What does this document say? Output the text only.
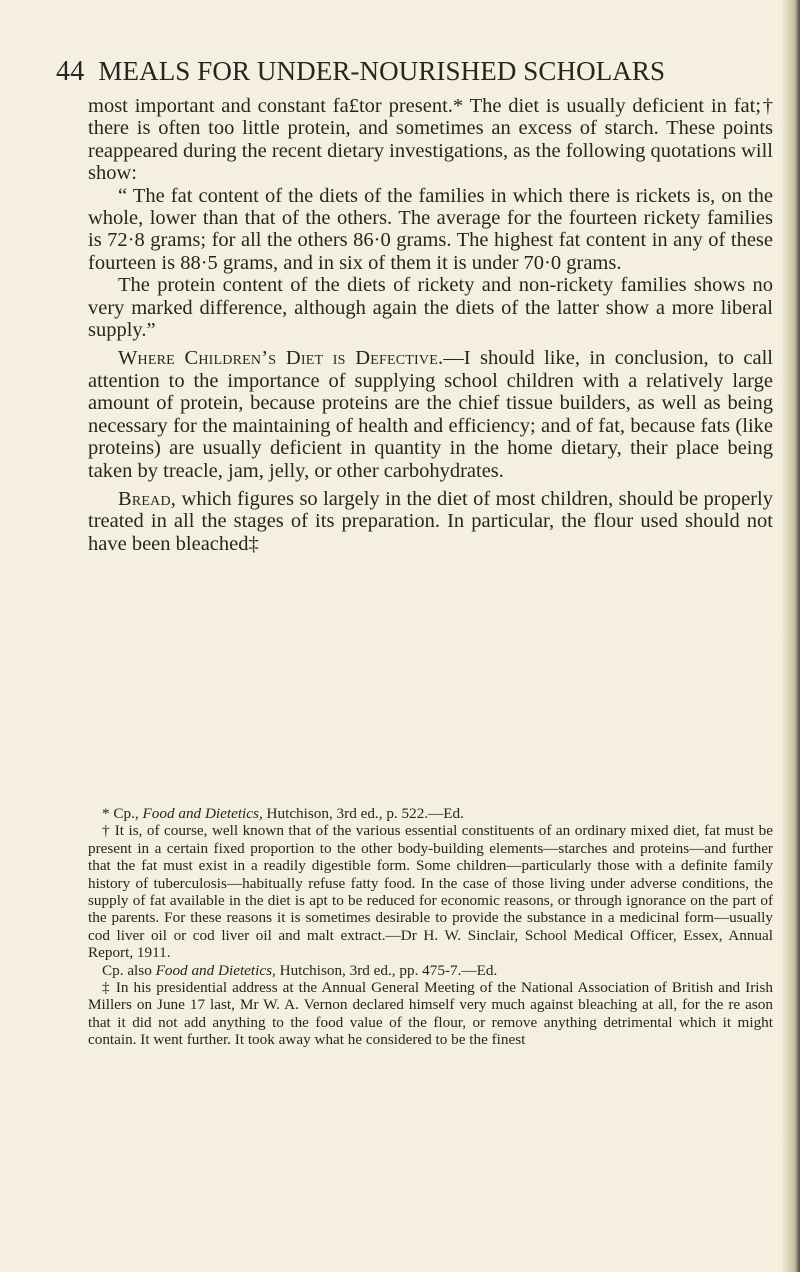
44 MEALS FOR UNDER-NOURISHED SCHOLARS

most important and constant fa£tor present.* The diet is usually deficient in fat;† there is often too little protein, and sometimes an excess of starch. These points reappeared during the recent dietary investigations, as the following quotations will show:

“ The fat content of the diets of the families in which there is rickets is, on the whole, lower than that of the others. The average for the fourteen rickety families is 72·8 grams; for all the others 86·0 grams. The highest fat content in any of these fourteen is 88·5 grams, and in six of them it is under 70·0 grams.

The protein content of the diets of rickety and non-rickety families shows no very marked difference, although again the diets of the latter show a more liberal supply.”

Where Children’s Diet is Defective.—I should like, in conclusion, to call attention to the importance of supplying school children with a relatively large amount of protein, because proteins are the chief tissue builders, as well as being necessary for the maintaining of health and efficiency; and of fat, because fats (like proteins) are usually deficient in quantity in the home dietary, their place being taken by treacle, jam, jelly, or other carbohydrates.

Bread, which figures so largely in the diet of most children, should be properly treated in all the stages of its preparation. In particular, the flour used should not have been bleached‡

* Cp., Food and Dietetics, Hutchison, 3rd ed., p. 522.—Ed.

† It is, of course, well known that of the various essential constituents of an ordinary mixed diet, fat must be present in a certain fixed proportion to the other body-building elements—starches and proteins—and further that the fat must exist in a readily digestible form. Some children—particularly those with a definite family history of tuberculosis—habitually refuse fatty food. In the case of those living under adverse conditions, the supply of fat available in the diet is apt to be reduced for economic reasons, or through ignorance on the part of the parents. For these reasons it is sometimes desirable to provide the substance in a medicinal form—usually cod liver oil or cod liver oil and malt extract.—Dr H. W. Sinclair, School Medical Officer, Essex, Annual Report, 1911.

Cp. also Food and Dietetics, Hutchison, 3rd ed., pp. 475-7.—Ed.

‡ In his presidential address at the Annual General Meeting of the National Association of British and Irish Millers on June 17 last, Mr W. A. Vernon declared himself very much against bleaching at all, for the re ason that it did not add anything to the food value of the flour, or remove anything detrimental which it might contain. It went further. It took away what he considered to be the finest
